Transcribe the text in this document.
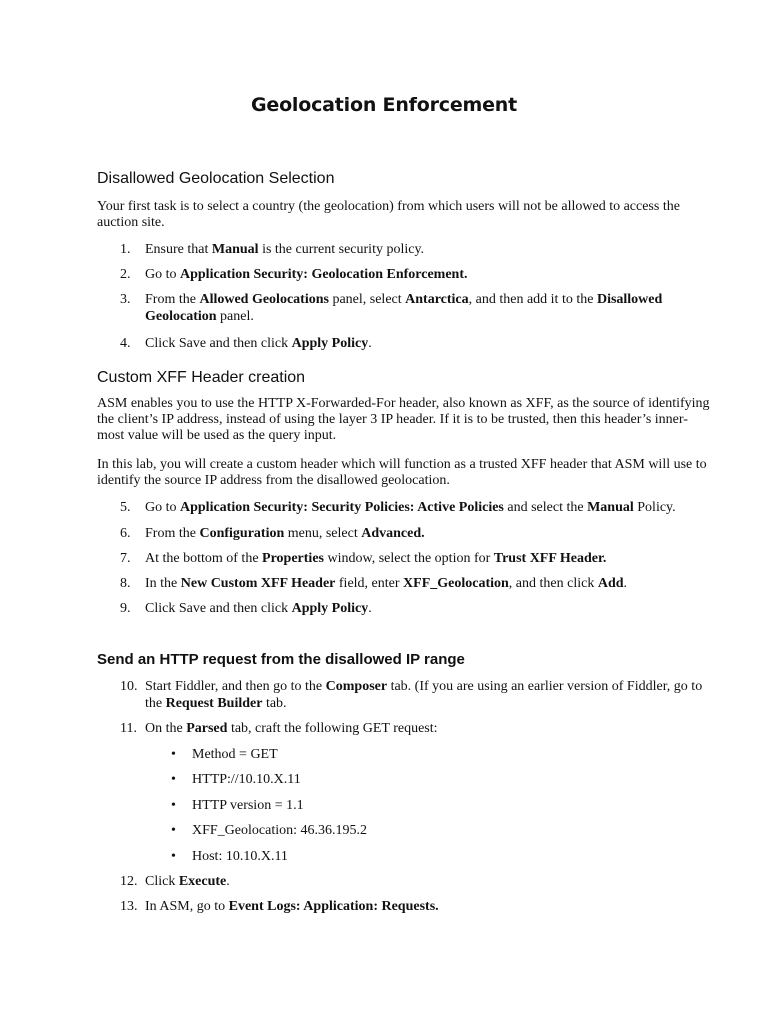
Geolocation Enforcement
Disallowed Geolocation Selection
Your first task is to select a country (the geolocation) from which users will not be allowed to access the auction site.
1.	Ensure that Manual is the current security policy.
2.	Go to Application Security: Geolocation Enforcement.
3.	From the Allowed Geolocations panel, select Antarctica, and then add it to the Disallowed Geolocation panel.
4.	Click Save and then click Apply Policy.
Custom XFF Header creation
ASM enables you to use the HTTP X-Forwarded-For header, also known as XFF, as the source of identifying the client’s IP address, instead of using the layer 3 IP header. If it is to be trusted, then this header’s inner-most value will be used as the query input.
In this lab, you will create a custom header which will function as a trusted XFF header that ASM will use to identify the source IP address from the disallowed geolocation.
5.	Go to Application Security: Security Policies: Active Policies and select the Manual Policy.
6.	From the Configuration menu, select Advanced.
7.	At the bottom of the Properties window, select the option for Trust XFF Header.
8.	In the New Custom XFF Header field, enter XFF_Geolocation, and then click Add.
9.	Click Save and then click Apply Policy.
Send an HTTP request from the disallowed IP range
10. Start Fiddler, and then go to the Composer tab. (If you are using an earlier version of Fiddler, go to the Request Builder tab.
11. On the Parsed tab, craft the following GET request:
• Method = GET
• HTTP://10.10.X.11
• HTTP version = 1.1
• XFF_Geolocation: 46.36.195.2
• Host: 10.10.X.11
12. Click Execute.
13. In ASM, go to Event Logs: Application: Requests.
